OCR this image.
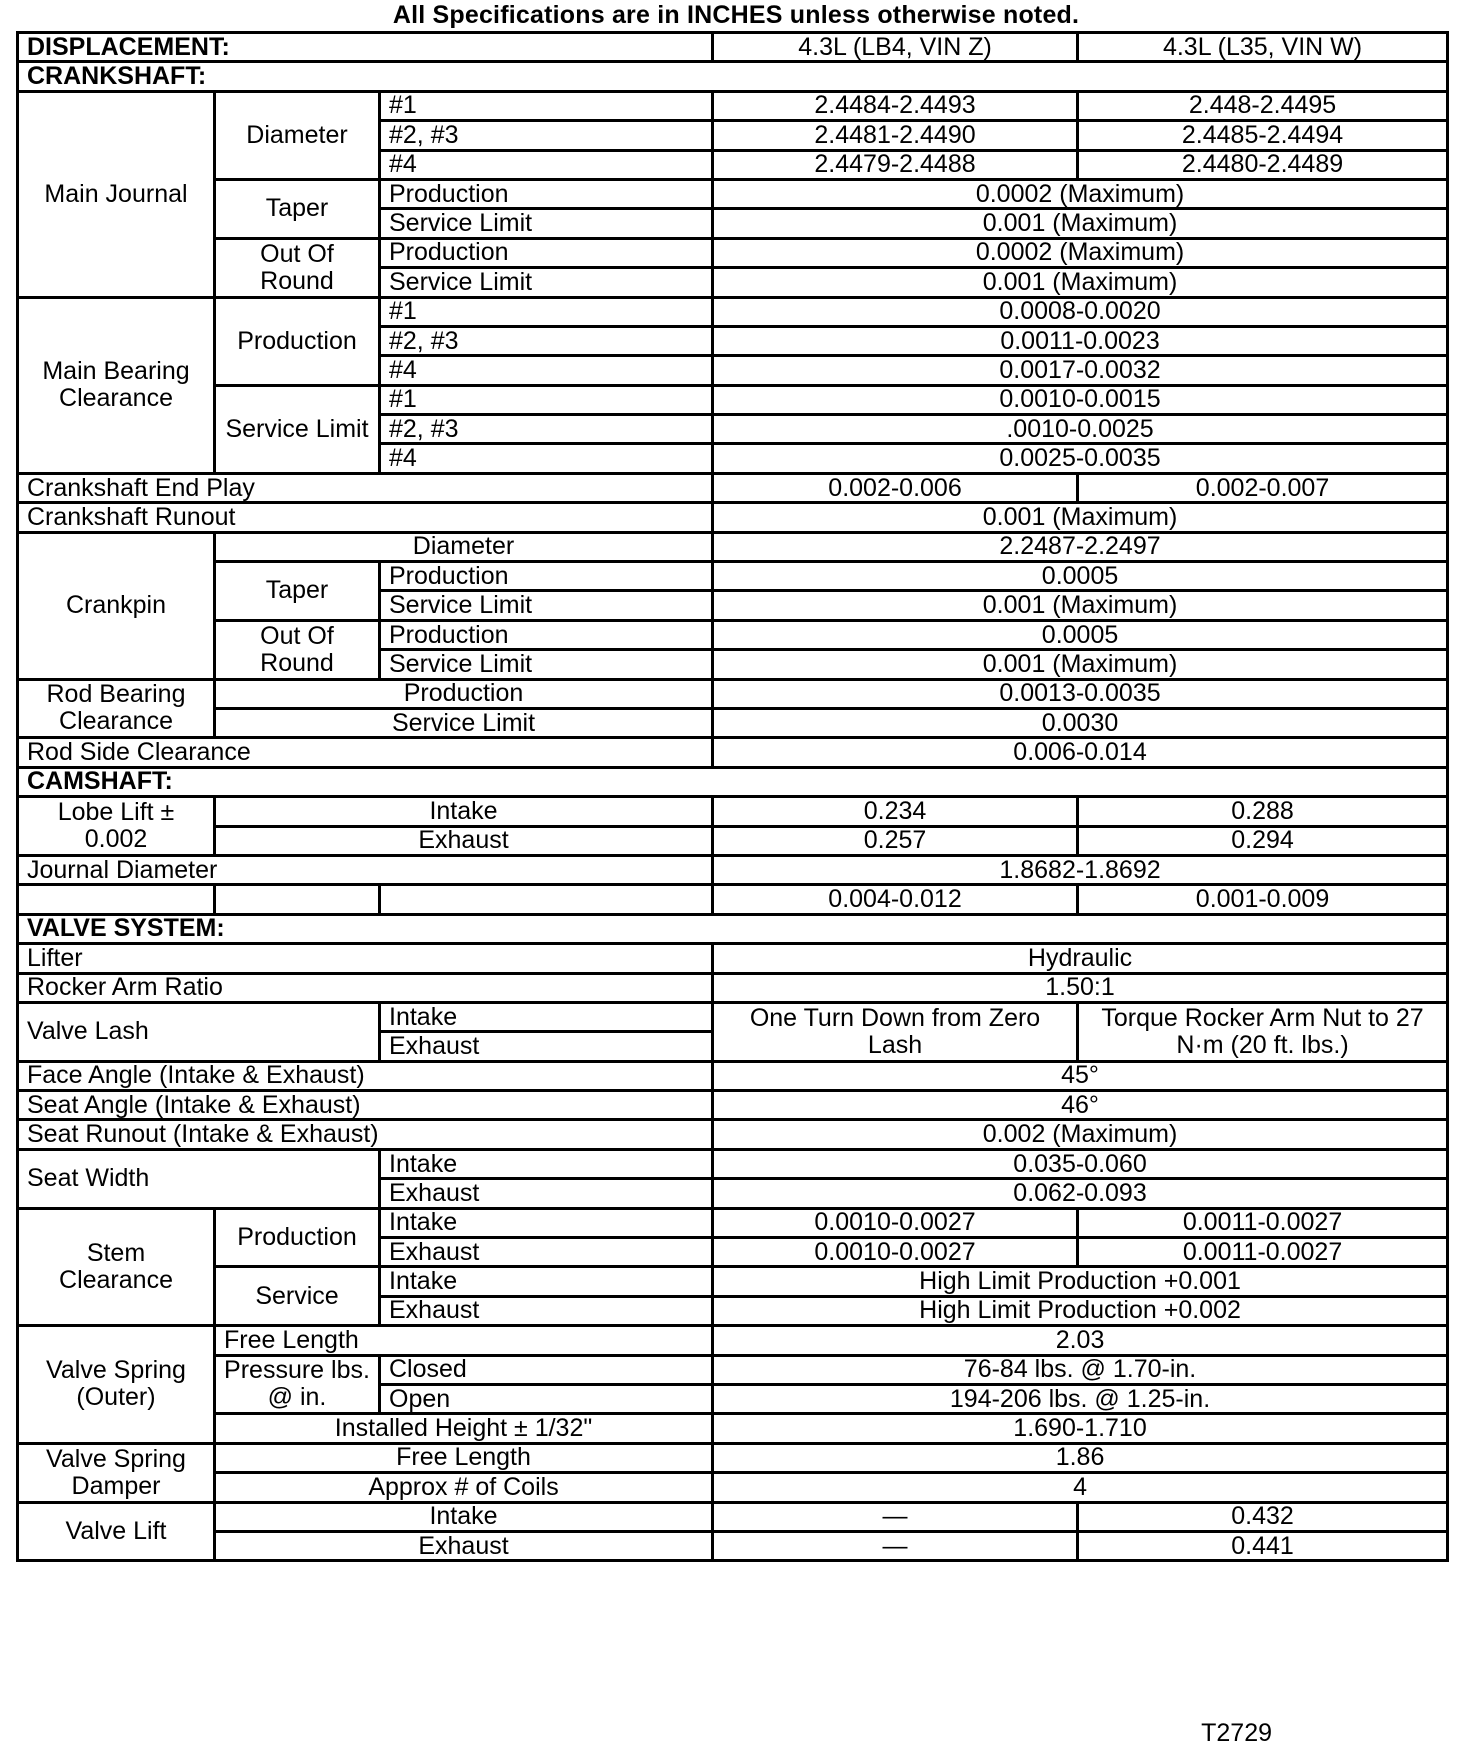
All Specifications are in INCHES unless otherwise noted.
DISPLACEMENT:			4.3L (LB4, VIN Z)	4.3L (L35, VIN W)
CRANKSHAFT:				
Main Journal	Diameter	#1	2.4484-2.4493	2.448-2.4495
		#2, #3	2.4481-2.4490	2.4485-2.4494
		#4	2.4479-2.4488	2.4480-2.4489
	Taper	Production	0.0002 (Maximum)	
		Service Limit	0.001 (Maximum)	
	Out Of Round	Production	0.0002 (Maximum)	
		Service Limit	0.001 (Maximum)	
Main Bearing Clearance	Production	#1	0.0008-0.0020	
		#2, #3	0.0011-0.0023	
		#4	0.0017-0.0032	
	Service Limit	#1	0.0010-0.0015	
		#2, #3	.0010-0.0025	
		#4	0.0025-0.0035	
Crankshaft End Play			0.002-0.006	0.002-0.007
Crankshaft Runout			0.001 (Maximum)	
Crankpin	Diameter		2.2487-2.2497	
	Taper	Production	0.0005	
		Service Limit	0.001 (Maximum)	
	Out Of Round	Production	0.0005	
		Service Limit	0.001 (Maximum)	
Rod Bearing Clearance	Production		0.0013-0.0035	
	Service Limit		0.0030	
Rod Side Clearance			0.006-0.014	
CAMSHAFT:				
Lobe Lift ± 0.002	Intake		0.234	0.288
	Exhaust		0.257	0.294
Journal Diameter			1.8682-1.8692	
			0.004-0.012	0.001-0.009
VALVE SYSTEM:				
Lifter			Hydraulic	
Rocker Arm Ratio			1.50:1	
Valve Lash		Intake	One Turn Down from Zero Lash	Torque Rocker Arm Nut to 27 N·m (20 ft. lbs.)
		Exhaust		
Face Angle (Intake & Exhaust)			45°	
Seat Angle (Intake & Exhaust)			46°	
Seat Runout (Intake & Exhaust)			0.002 (Maximum)	
Seat Width		Intake	0.035-0.060	
		Exhaust	0.062-0.093	
Stem Clearance	Production	Intake	0.0010-0.0027	0.0011-0.0027
		Exhaust	0.0010-0.0027	0.0011-0.0027
	Service	Intake	High Limit Production +0.001	
		Exhaust	High Limit Production +0.002	
Valve Spring (Outer)	Free Length		2.03	
	Pressure lbs. @ in.	Closed	76-84 lbs. @ 1.70-in.	
		Open	194-206 lbs. @ 1.25-in.	
	Installed Height ± 1/32"		1.690-1.710	
Valve Spring Damper	Free Length		1.86	
	Approx # of Coils		4	
Valve Lift	Intake		—	0.432
	Exhaust		—	0.441
T2729
